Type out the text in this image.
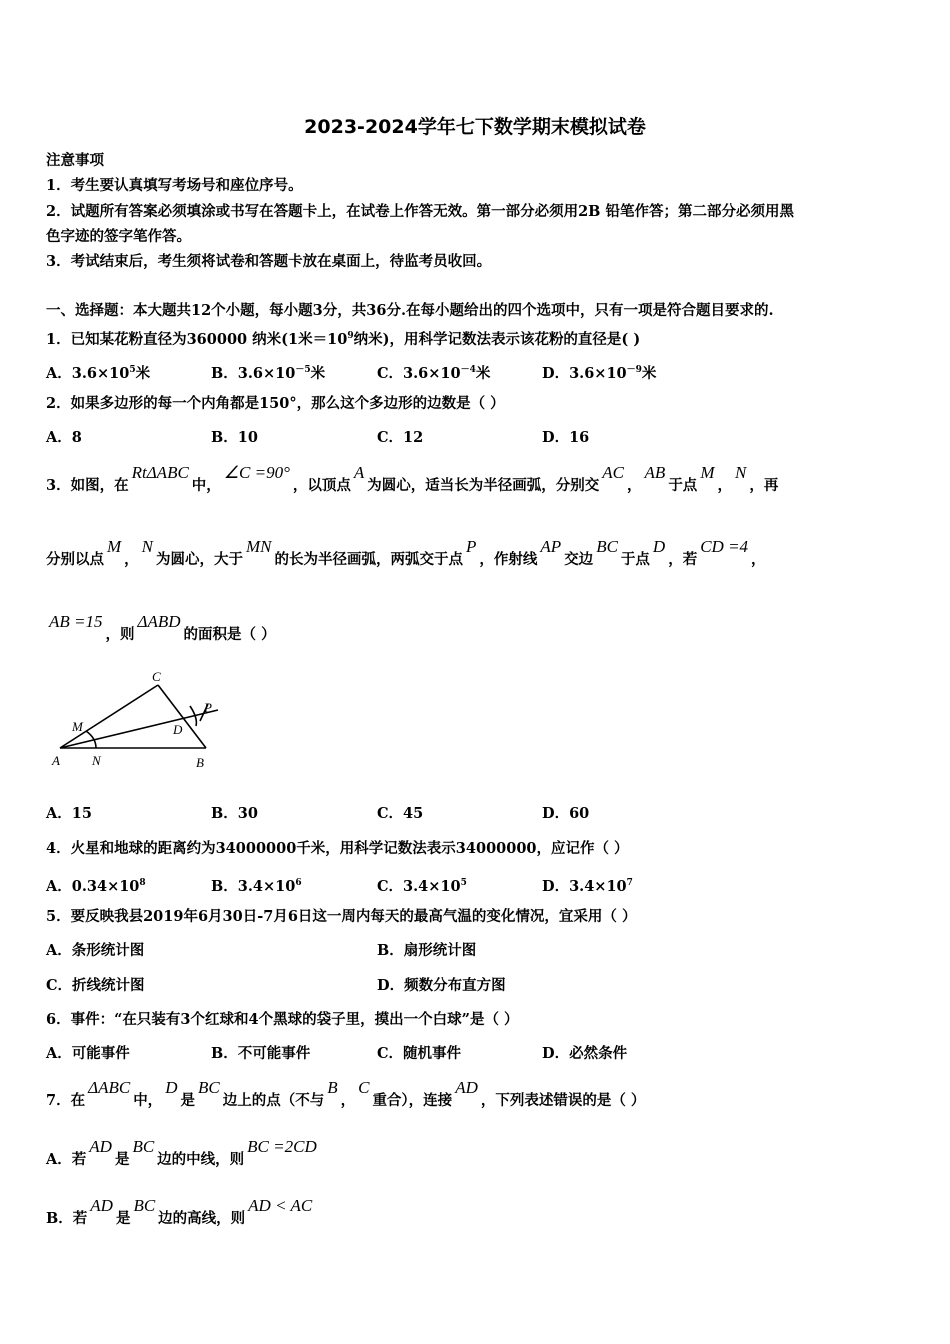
2023-2024学年七下数学期末模拟试卷
注意事项
1．考生要认真填写考场号和座位序号。
2．试题所有答案必须填涂或书写在答题卡上，在试卷上作答无效。第一部分必须用2B 铅笔作答；第二部分必须用黑
色字迹的签字笔作答。
3．考试结束后，考生须将试卷和答题卡放在桌面上，待监考员收回。
一、选择题：本大题共12个小题，每小题3分，共36分.在每小题给出的四个选项中，只有一项是符合题目要求的.
1．已知某花粉直径为360000 纳米(1米$=10^9$纳米)，用科学记数法表示该花粉的直径是( )
A．$3.6\times 10^5$米	B．$3.6\times 10^{-5}$米	C．$3.6\times 10^{-4}$米	D．$3.6\times 10^{-9}$米
2．如果多边形的每一个内角都是150°，那么这个多边形的边数是（ ）
A．8	B．10	C．12	D．16
3．如图，在RtΔABC中，∠C =90°，以顶点A为圆心，适当长为半径画弧，分别交AC，AB于点M，N，再
分别以点M，N为圆心，大于MN的长为半径画弧，两弧交于点P，作射线AP交边BC于点D，若CD =4，
AB =15，则ΔABD的面积是（ ）
C
B
A
D
M
N
P
A．15	B．30	C．45	D．60
4．火星和地球的距离约为34000000千米，用科学记数法表示34000000，应记作（ ）
A．$0.34\times 10^8$	B．$3.4\times 10^6$	C．$3.4\times 10^5$	D．$3.4\times 10^7$
5．要反映我县2019年6月30日-7月6日这一周内每天的最高气温的变化情况，宜采用（ ）
A．条形统计图	B．扇形统计图
C．折线统计图	D．频数分布直方图
6．事件：“在只装有3个红球和4个黑球的袋子里，摸出一个白球”是（ ）
A．可能事件	B．不可能事件	C．随机事件	D．必然条件
7．在ΔABC中，D是BC边上的点（不与B，C重合），连接AD，下列表述错误的是（ ）
A．若AD是BC边的中线，则BC =2CD
B．若AD是BC边的高线，则AD < AC
